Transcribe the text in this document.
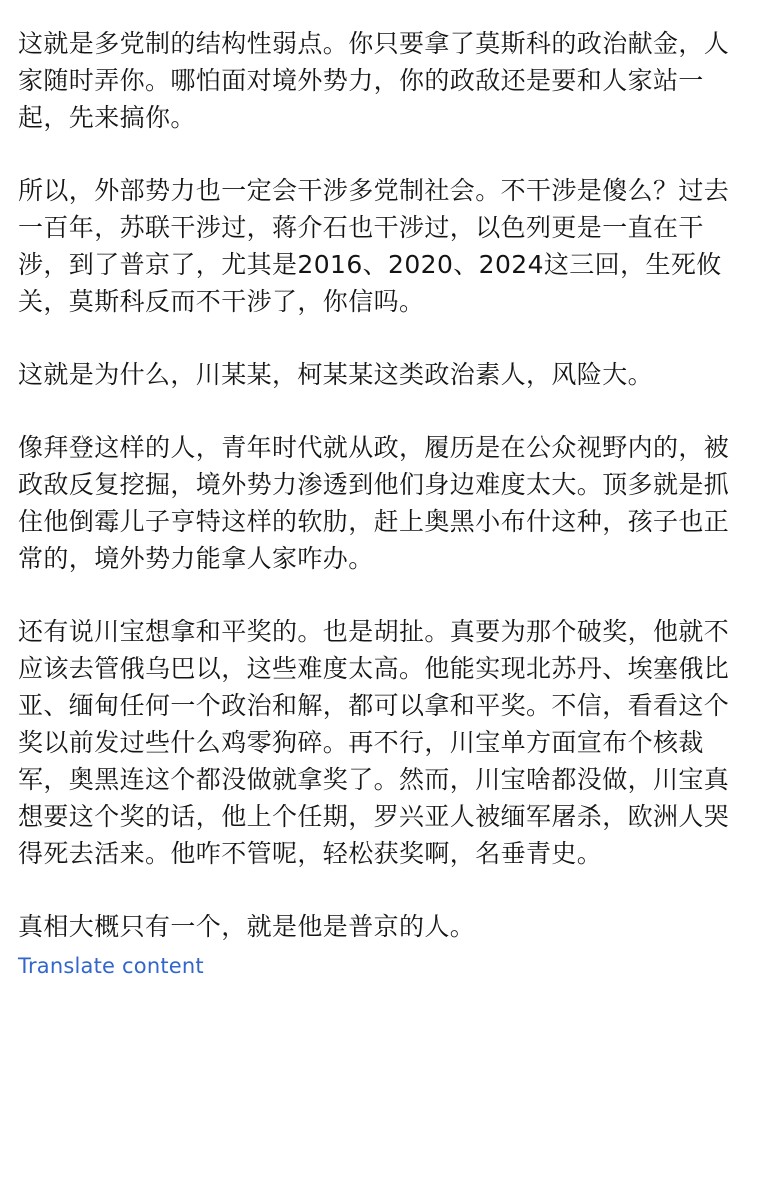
这就是多党制的结构性弱点。你只要拿了莫斯科的政治献金，人家随时弄你。哪怕面对境外势力，你的政敌还是要和人家站一起，先来搞你。

所以，外部势力也一定会干涉多党制社会。不干涉是傻么？过去一百年，苏联干涉过，蒋介石也干涉过，以色列更是一直在干涉，到了普京了，尤其是2016、2020、2024这三回，生死攸关，莫斯科反而不干涉了，你信吗。

这就是为什么，川某某，柯某某这类政治素人，风险大。

像拜登这样的人，青年时代就从政，履历是在公众视野内的，被政敌反复挖掘，境外势力渗透到他们身边难度太大。顶多就是抓住他倒霉儿子亨特这样的软肋，赶上奥黑小布什这种，孩子也正常的，境外势力能拿人家咋办。

还有说川宝想拿和平奖的。也是胡扯。真要为那个破奖，他就不应该去管俄乌巴以，这些难度太高。他能实现北苏丹、埃塞俄比亚、缅甸任何一个政治和解，都可以拿和平奖。不信，看看这个奖以前发过些什么鸡零狗碎。再不行，川宝单方面宣布个核裁军，奥黑连这个都没做就拿奖了。然而，川宝啥都没做，川宝真想要这个奖的话，他上个任期，罗兴亚人被缅军屠杀，欧洲人哭得死去活来。他咋不管呢，轻松获奖啊，名垂青史。

真相大概只有一个，就是他是普京的人。

Translate content
